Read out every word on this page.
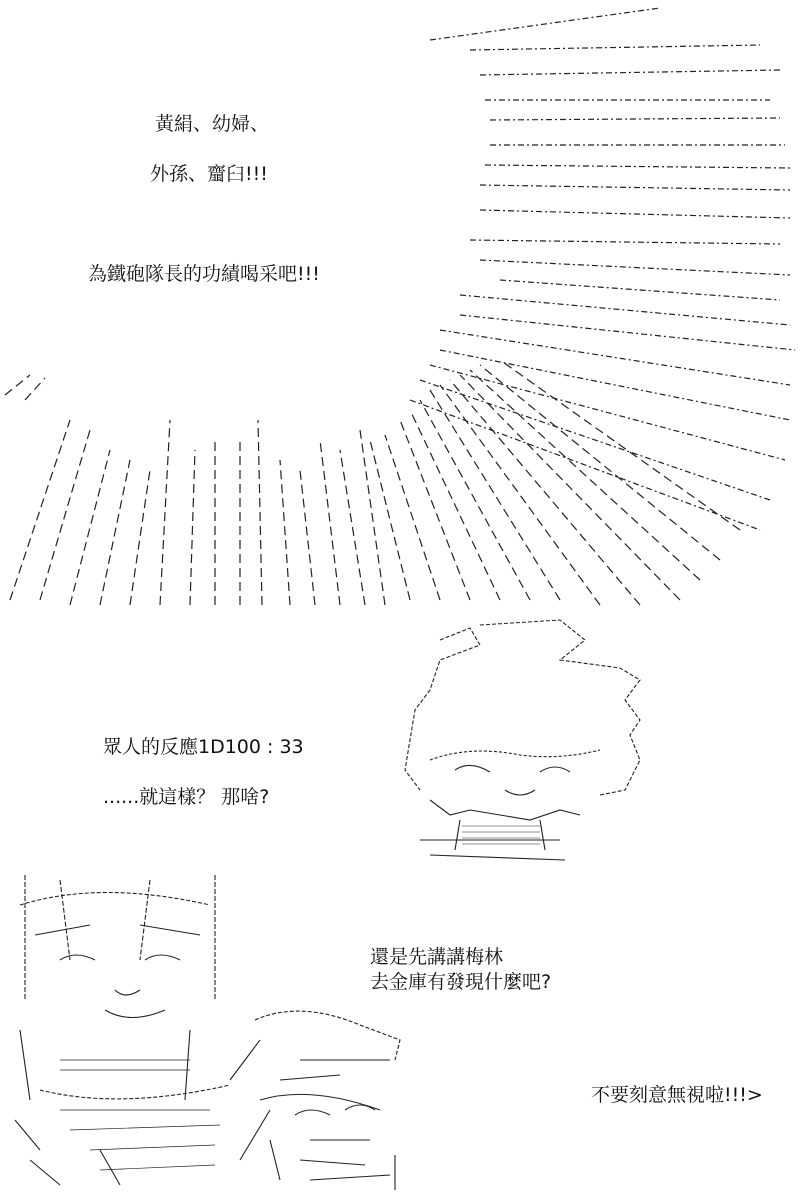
黃絹、幼婦、
外孫、齏臼!!!
為鐵砲隊長的功績喝采吧!!!
眾人的反應1D100 : 33
......就這樣？ 那啥?
還是先講講梅林
去金庫有發現什麼吧?
不要刻意無視啦!!!>
